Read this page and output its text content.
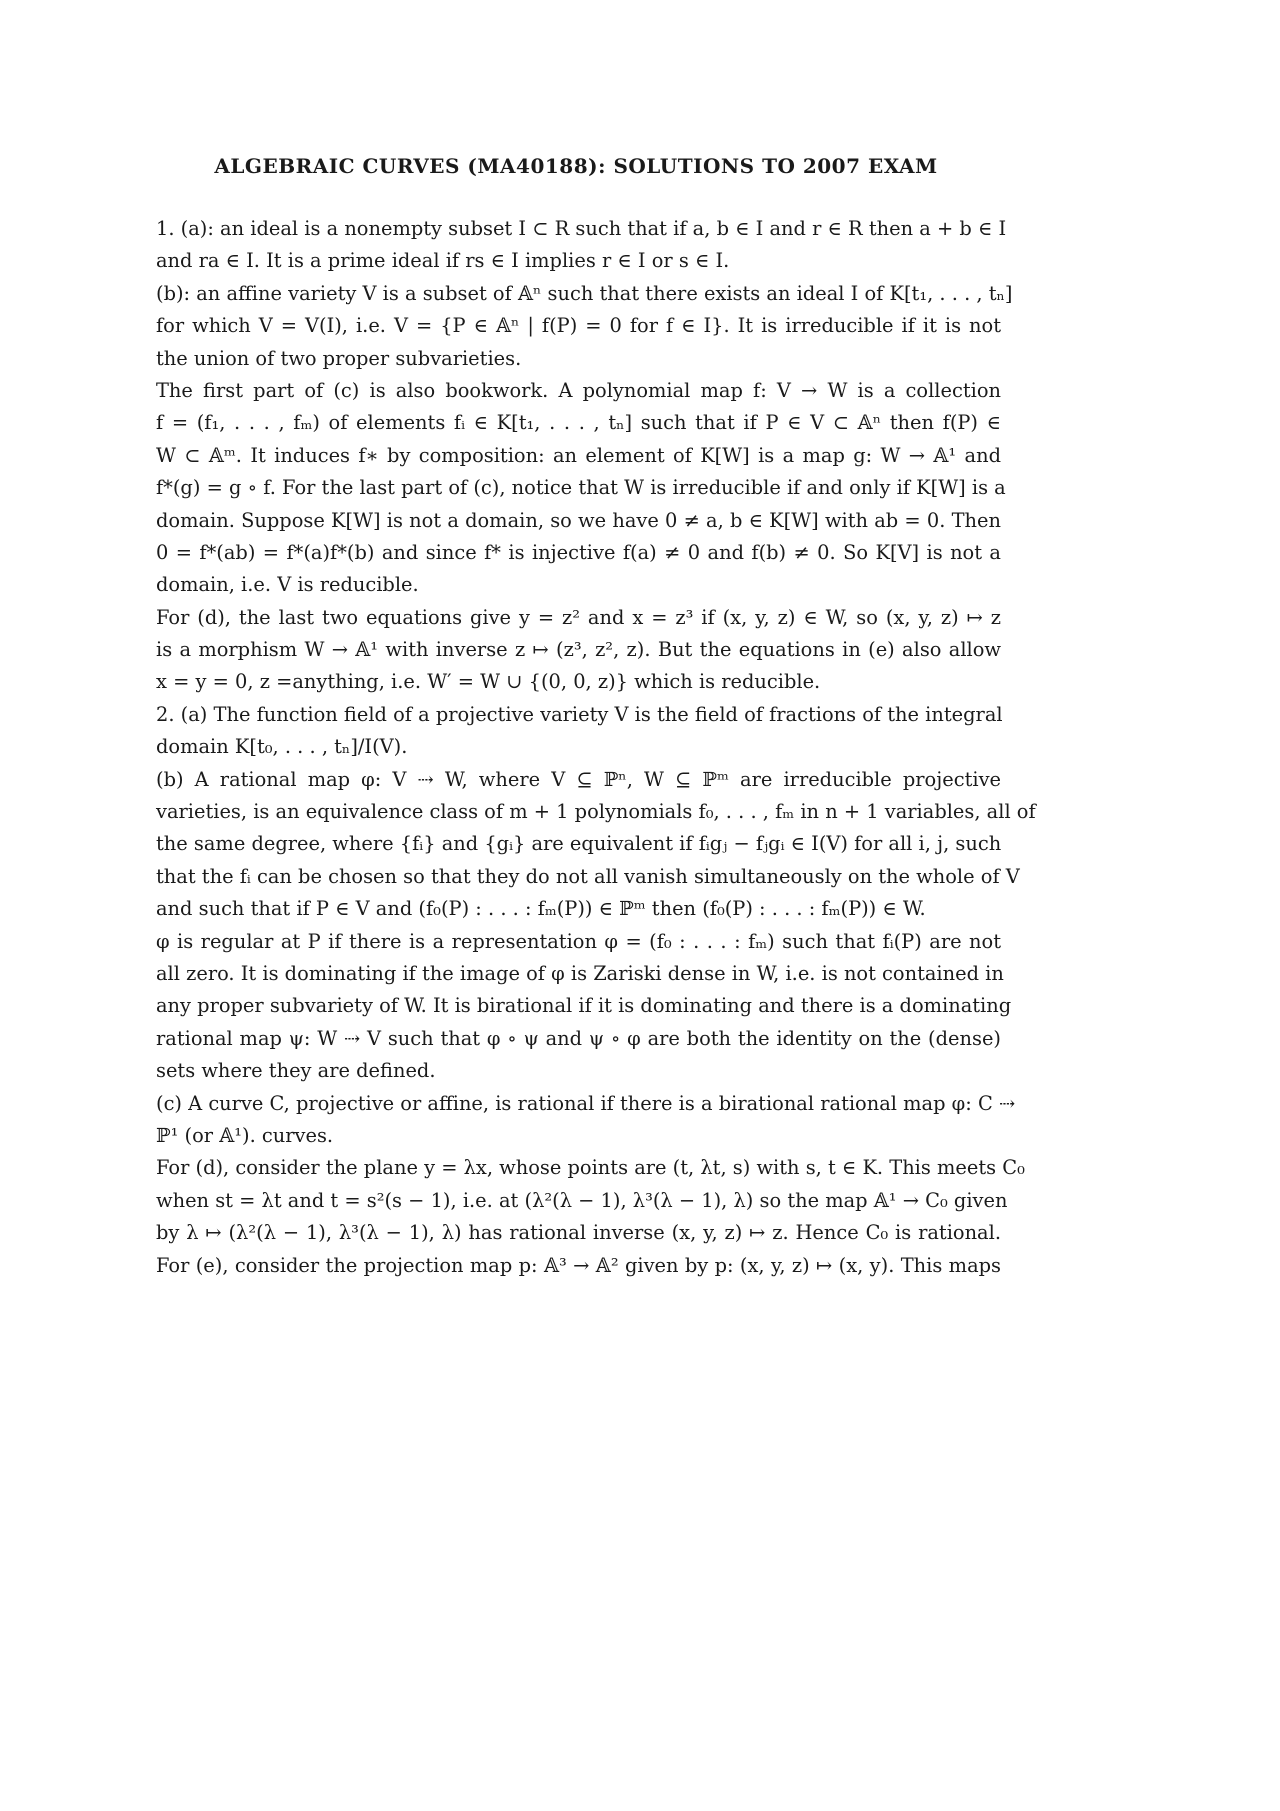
ALGEBRAIC CURVES (MA40188): SOLUTIONS TO 2007 EXAM
1. (a): an ideal is a nonempty subset I ⊂ R such that if a, b ∈ I and r ∈ R then a + b ∈ I
and ra ∈ I. It is a prime ideal if rs ∈ I implies r ∈ I or s ∈ I.
(b): an affine variety V is a subset of 𝔸ⁿ such that there exists an ideal I of K[t₁, . . . , tₙ]
for which V = V(I), i.e. V = {P ∈ 𝔸ⁿ | f(P) = 0 for f ∈ I}. It is irreducible if it is not
the union of two proper subvarieties.
The first part of (c) is also bookwork. A polynomial map f: V → W is a collection
f = (f₁, . . . , fₘ) of elements fᵢ ∈ K[t₁, . . . , tₙ] such that if P ∈ V ⊂ 𝔸ⁿ then f(P) ∈
W ⊂ 𝔸ᵐ. It induces f∗ by composition: an element of K[W] is a map g: W → 𝔸¹ and
f*(g) = g ∘ f. For the last part of (c), notice that W is irreducible if and only if K[W] is a
domain. Suppose K[W] is not a domain, so we have 0 ≠ a, b ∈ K[W] with ab = 0. Then
0 = f*(ab) = f*(a)f*(b) and since f* is injective f(a) ≠ 0 and f(b) ≠ 0. So K[V] is not a
domain, i.e. V is reducible.
For (d), the last two equations give y = z² and x = z³ if (x, y, z) ∈ W, so (x, y, z) ↦ z
is a morphism W → 𝔸¹ with inverse z ↦ (z³, z², z). But the equations in (e) also allow
x = y = 0, z =anything, i.e. W′ = W ∪ {(0, 0, z)} which is reducible.
2. (a) The function field of a projective variety V is the field of fractions of the integral
domain K[t₀, . . . , tₙ]/I(V).
(b) A rational map φ: V ⇢ W, where V ⊆ ℙⁿ, W ⊆ ℙᵐ are irreducible projective
varieties, is an equivalence class of m + 1 polynomials f₀, . . . , fₘ in n + 1 variables, all of
the same degree, where {fᵢ} and {gᵢ} are equivalent if fᵢgⱼ − fⱼgᵢ ∈ I(V) for all i, j, such
that the fᵢ can be chosen so that they do not all vanish simultaneously on the whole of V
and such that if P ∈ V and (f₀(P) : . . . : fₘ(P)) ∈ ℙᵐ then (f₀(P) : . . . : fₘ(P)) ∈ W.
φ is regular at P if there is a representation φ = (f₀ : . . . : fₘ) such that fᵢ(P) are not
all zero. It is dominating if the image of φ is Zariski dense in W, i.e. is not contained in
any proper subvariety of W. It is birational if it is dominating and there is a dominating
rational map ψ: W ⇢ V such that φ ∘ ψ and ψ ∘ φ are both the identity on the (dense)
sets where they are defined.
(c) A curve C, projective or affine, is rational if there is a birational rational map φ: C ⇢
ℙ¹ (or 𝔸¹). curves.
For (d), consider the plane y = λx, whose points are (t, λt, s) with s, t ∈ K. This meets C₀
when st = λt and t = s²(s − 1), i.e. at (λ²(λ − 1), λ³(λ − 1), λ) so the map 𝔸¹ → C₀ given
by λ ↦ (λ²(λ − 1), λ³(λ − 1), λ) has rational inverse (x, y, z) ↦ z. Hence C₀ is rational.
For (e), consider the projection map p: 𝔸³ → 𝔸² given by p: (x, y, z) ↦ (x, y). This maps
